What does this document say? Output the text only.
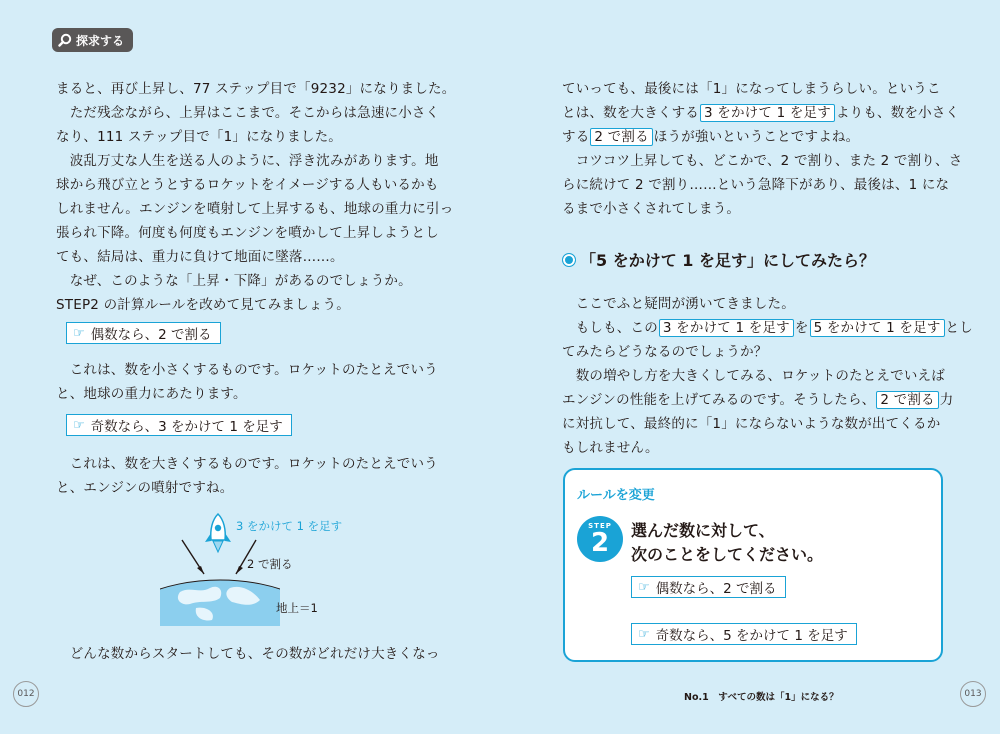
探求する
まると、再び上昇し、77 ステップ目で「9232」になりました。
　ただ残念ながら、上昇はここまで。そこからは急速に小さく
なり、111 ステップ目で「1」になりました。
　波乱万丈な人生を送る人のように、浮き沈みがあります。地
球から飛び立とうとするロケットをイメージする人もいるかも
しれません。エンジンを噴射して上昇するも、地球の重力に引っ
張られ下降。何度も何度もエンジンを噴かして上昇しようとし
ても、結局は、重力に負けて地面に墜落……。
　なぜ、このような「上昇・下降」があるのでしょうか。
STEP2 の計算ルールを改めて見てみましょう。
☞ 偶数なら、2 で割る
　これは、数を小さくするものです。ロケットのたとえでいう
と、地球の重力にあたります。
☞ 奇数なら、3 をかけて 1 を足す
　これは、数を大きくするものです。ロケットのたとえでいう
と、エンジンの噴射ですね。
3 をかけて 1 を足す
2 で割る
地上＝1
　どんな数からスタートしても、その数がどれだけ大きくなっ
012
ていっても、最後には「1」になってしまうらしい。というこ
とは、数を大きくする 3 をかけて 1 を足す よりも、数を小さく
する 2 で割る ほうが強いということですよね。
　コツコツ上昇しても、どこかで、2 で割り、また 2 で割り、さ
らに続けて 2 で割り……という急降下があり、最後は、1 にな
るまで小さくされてしまう。
「5 をかけて 1 を足す」にしてみたら？
　ここでふと疑問が湧いてきました。
　もしも、この 3 をかけて 1 を足す を 5 をかけて 1 を足す とし
てみたらどうなるのでしょうか？
　数の増やし方を大きくしてみる、ロケットのたとえでいえば
エンジンの性能を上げてみるのです。そうしたら、 2 で割る 力
に対抗して、最終的に「1」にならないような数が出てくるか
もしれません。
ルールを変更
STEP
2	選んだ数に対して、
次のことをしてください。
☞ 偶数なら、2 で割る
☞ 奇数なら、5 をかけて 1 を足す
No.1　すべての数は「1」になる？	013
